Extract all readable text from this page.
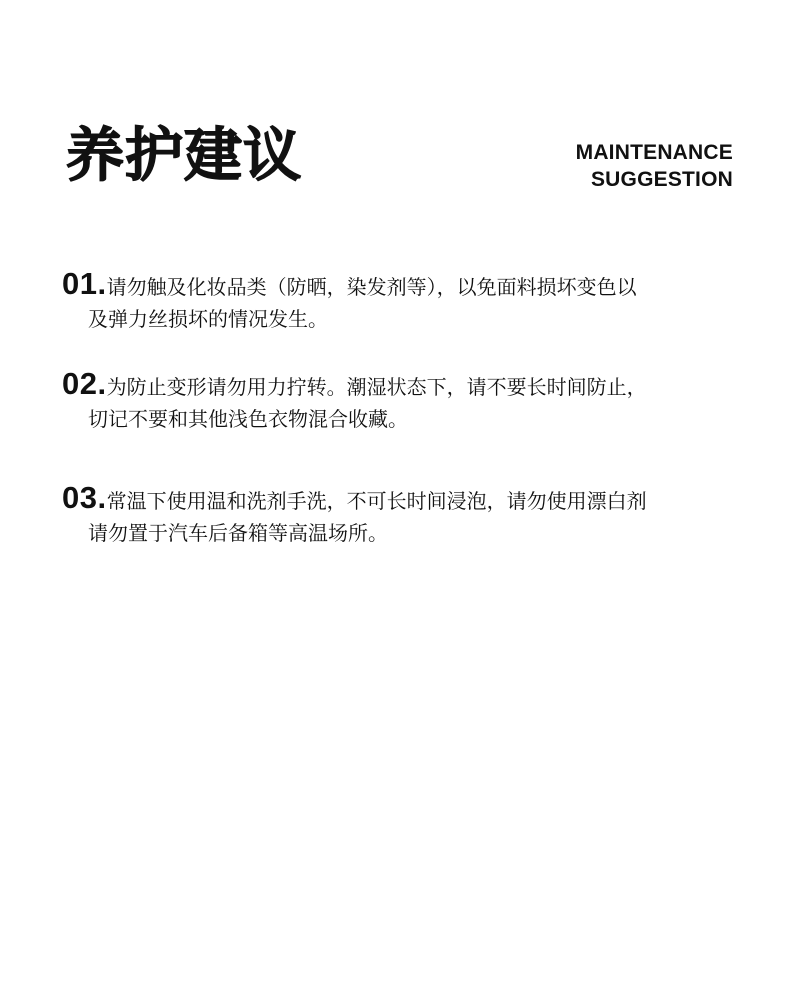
养护建议	MAINTENANCE
SUGGESTION
01.请勿触及化妆品类（防晒，染发剂等），以免面料损坏变色以
及弹力丝损坏的情况发生。
02.为防止变形请勿用力拧转。潮湿状态下，请不要长时间防止，
切记不要和其他浅色衣物混合收藏。
03.常温下使用温和洗剂手洗，不可长时间浸泡，请勿使用漂白剂
请勿置于汽车后备箱等高温场所。
